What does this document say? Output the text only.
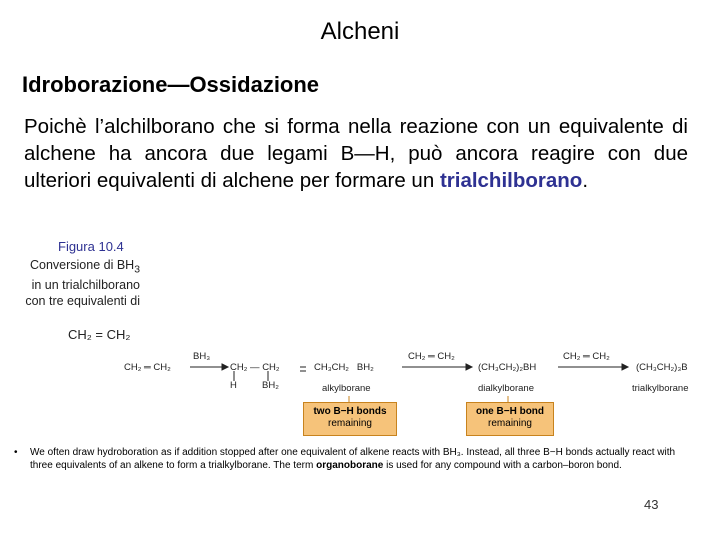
Alcheni
Idroborazione—Ossidazione
Poichè l’alchilborano che si forma nella reazione con un equivalente di alchene ha ancora due legami B—H, può ancora reagire con due ulteriori equivalenti di alchene per formare un trialchilborano.
Figura 10.4
Conversione di $BH_3$
in un trialchilborano
con tre equivalenti di
CH₂ = CH₂
CH₂ ═ CH₂
BH₃
CH₂ — CH₂
H	BH₂
CH₃CH₂   BH₂
alkylborane
CH₂ ═ CH₂
(CH₃CH₂)₂BH
dialkylborane
CH₂ ═ CH₂
(CH₃CH₂)₃B
trialkylborane
two B−H bonds
remaining
one B−H bond
remaining
• We often draw hydroboration as if addition stopped after one equivalent of alkene reacts with BH₃. Instead, all three B−H bonds actually react with three equivalents of an alkene to form a trialkylborane. The term organoborane is used for any compound with a carbon–boron bond.
43
